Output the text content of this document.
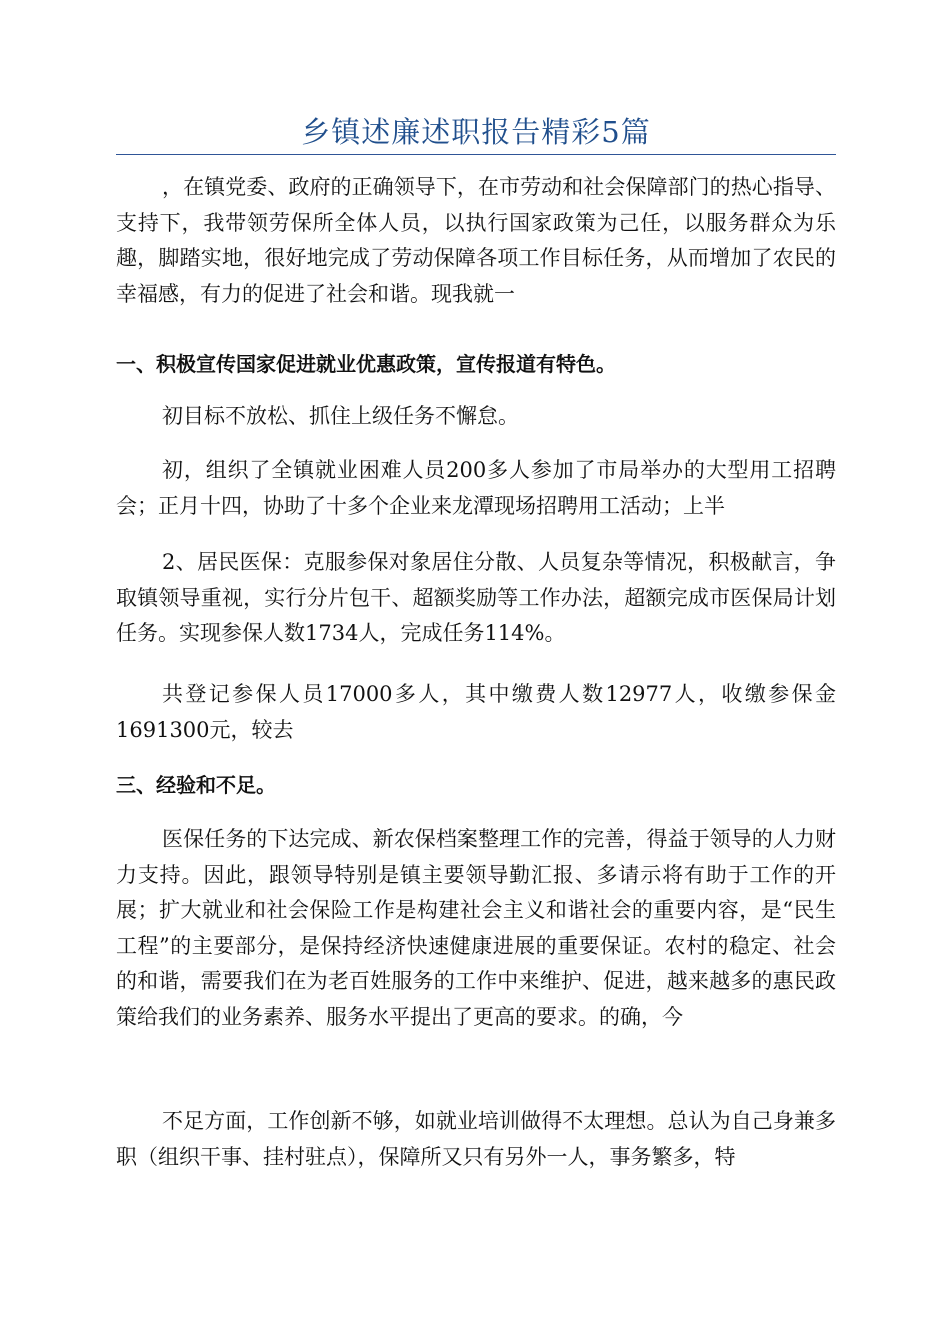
乡镇述廉述职报告精彩5篇

，在镇党委、政府的正确领导下，在市劳动和社会保障部门的热心指导、支持下，我带领劳保所全体人员，以执行国家政策为己任，以服务群众为乐趣，脚踏实地，很好地完成了劳动保障各项工作目标任务，从而增加了农民的幸福感，有力的促进了社会和谐。现我就一

一、积极宣传国家促进就业优惠政策，宣传报道有特色。

初目标不放松、抓住上级任务不懈怠。

初，组织了全镇就业困难人员200多人参加了市局举办的大型用工招聘会；正月十四，协助了十多个企业来龙潭现场招聘用工活动；上半

2、居民医保：克服参保对象居住分散、人员复杂等情况，积极献言，争取镇领导重视，实行分片包干、超额奖励等工作办法，超额完成市医保局计划任务。实现参保人数1734人，完成任务114%。

共登记参保人员17000多人，其中缴费人数12977人，收缴参保金1691300元，较去

三、经验和不足。

医保任务的下达完成、新农保档案整理工作的完善，得益于领导的人力财力支持。因此，跟领导特别是镇主要领导勤汇报、多请示将有助于工作的开展；扩大就业和社会保险工作是构建社会主义和谐社会的重要内容，是“民生工程”的主要部分，是保持经济快速健康进展的重要保证。农村的稳定、社会的和谐，需要我们在为老百姓服务的工作中来维护、促进，越来越多的惠民政策给我们的业务素养、服务水平提出了更高的要求。的确，今

不足方面，工作创新不够，如就业培训做得不太理想。总认为自己身兼多职（组织干事、挂村驻点），保障所又只有另外一人，事务繁多，特
